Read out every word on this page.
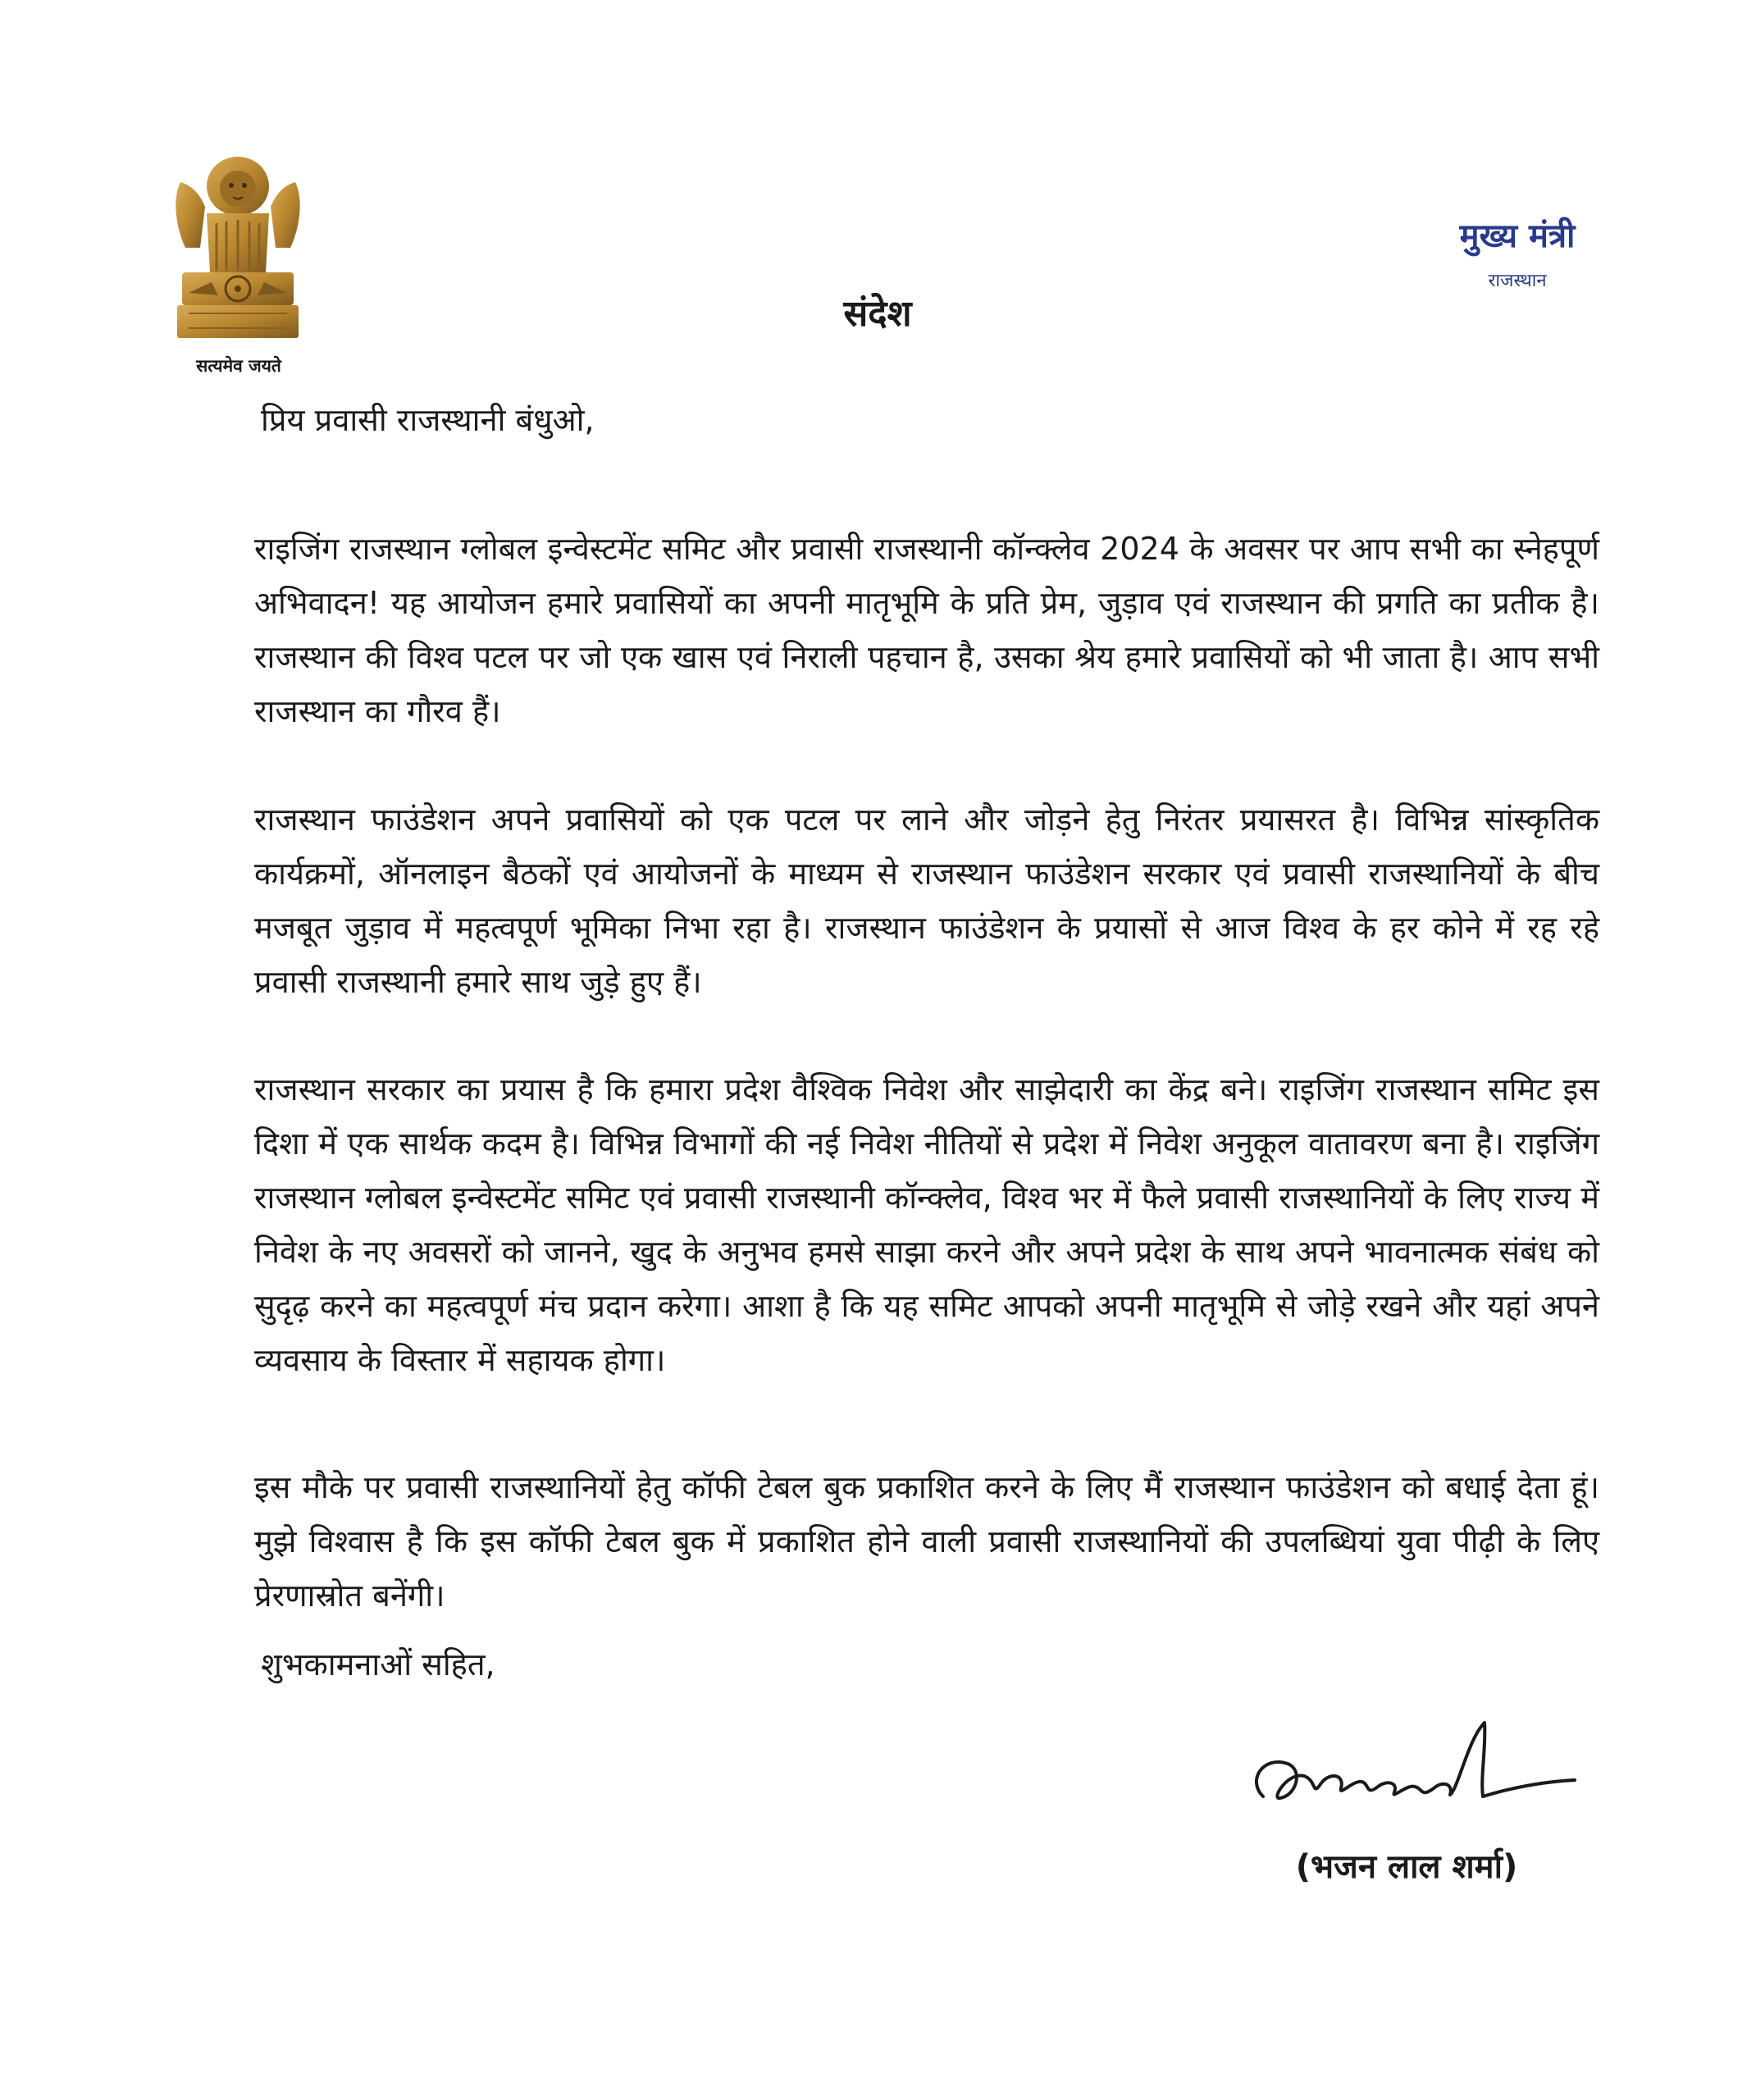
सत्यमेव जयते
मुख्य मंत्री
राजस्थान
संदेश
प्रिय प्रवासी राजस्थानी बंधुओ,

राइजिंग राजस्थान ग्लोबल इन्वेस्टमेंट समिट और प्रवासी राजस्थानी कॉन्क्लेव 2024 के अवसर पर आप सभी का स्नेहपूर्ण अभिवादन! यह आयोजन हमारे प्रवासियों का अपनी मातृभूमि के प्रति प्रेम, जुड़ाव एवं राजस्थान की प्रगति का प्रतीक है। राजस्थान की विश्व पटल पर जो एक खास एवं निराली पहचान है, उसका श्रेय हमारे प्रवासियों को भी जाता है। आप सभी राजस्थान का गौरव हैं।

राजस्थान फाउंडेशन अपने प्रवासियों को एक पटल पर लाने और जोड़ने हेतु निरंतर प्रयासरत है। विभिन्न सांस्कृतिक कार्यक्रमों, ऑनलाइन बैठकों एवं आयोजनों के माध्यम से राजस्थान फाउंडेशन सरकार एवं प्रवासी राजस्थानियों के बीच मजबूत जुड़ाव में महत्वपूर्ण भूमिका निभा रहा है। राजस्थान फाउंडेशन के प्रयासों से आज विश्व के हर कोने में रह रहे प्रवासी राजस्थानी हमारे साथ जुड़े हुए हैं।

राजस्थान सरकार का प्रयास है कि हमारा प्रदेश वैश्विक निवेश और साझेदारी का केंद्र बने। राइजिंग राजस्थान समिट इस दिशा में एक सार्थक कदम है। विभिन्न विभागों की नई निवेश नीतियों से प्रदेश में निवेश अनुकूल वातावरण बना है। राइजिंग राजस्थान ग्लोबल इन्वेस्टमेंट समिट एवं प्रवासी राजस्थानी कॉन्क्लेव, विश्व भर में फैले प्रवासी राजस्थानियों के लिए राज्य में निवेश के नए अवसरों को जानने, खुद के अनुभव हमसे साझा करने और अपने प्रदेश के साथ अपने भावनात्मक संबंध को सुदृढ़ करने का महत्वपूर्ण मंच प्रदान करेगा। आशा है कि यह समिट आपको अपनी मातृभूमि से जोड़े रखने और यहां अपने व्यवसाय के विस्तार में सहायक होगा।

इस मौके पर प्रवासी राजस्थानियों हेतु कॉफी टेबल बुक प्रकाशित करने के लिए मैं राजस्थान फाउंडेशन को बधाई देता हूं। मुझे विश्वास है कि इस कॉफी टेबल बुक में प्रकाशित होने वाली प्रवासी राजस्थानियों की उपलब्धियां युवा पीढ़ी के लिए प्रेरणास्रोत बनेंगी।

शुभकामनाओं सहित,
(भजन लाल शर्मा)
